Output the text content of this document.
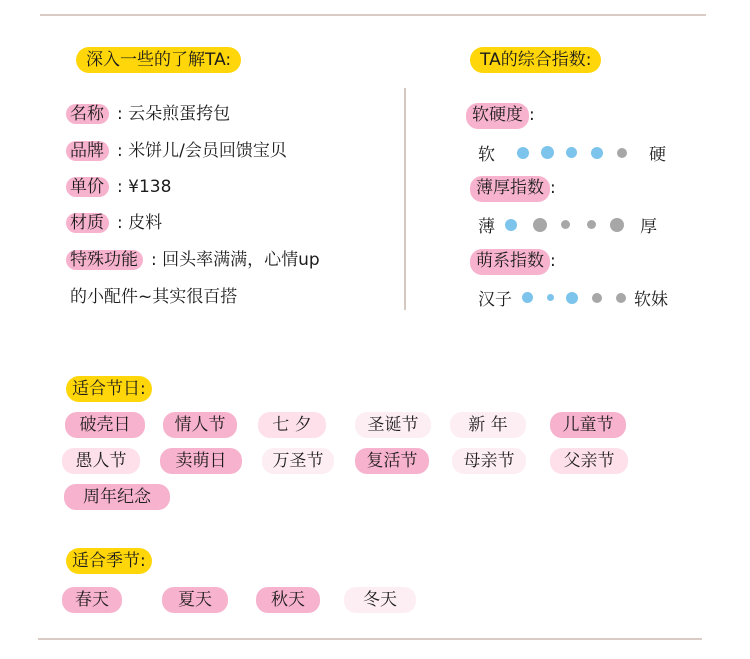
深入一些的了解TA:
名称 : 云朵煎蛋挎包
品牌 : 米饼儿/会员回馈宝贝
单价 : ¥138
材质 : 皮料
特殊功能 : 回头率满满，心情up
的小配件~其实很百搭
TA的综合指数:
软硬度 :
软	硬
薄厚指数 :
薄	厚
萌系指数 :
汉子	软妹
适合节日:
破壳日	情人节	七 夕	圣诞节	新 年	儿童节
愚人节	卖萌日	万圣节	复活节	母亲节	父亲节
周年纪念
适合季节:
春天	夏天	秋天	冬天
